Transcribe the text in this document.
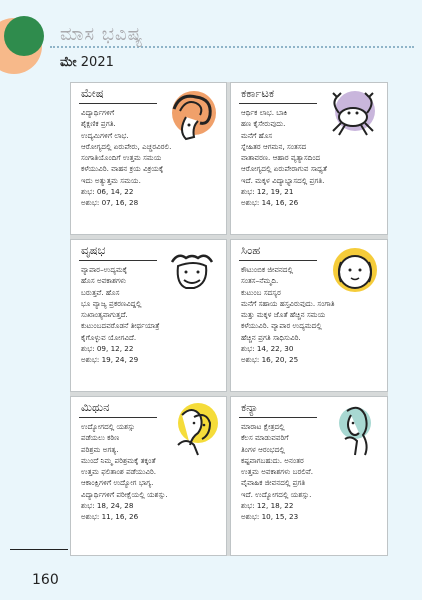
ಮಾಸ ಭವಿಷ್ಯ
ಮೇ 2021
ಮೇಷ
ವಿದ್ಯಾರ್ಥಿಗಳಿಗೆ
ಶೈಕ್ಷಣಿಕ ಪ್ರಗತಿ.
ಉದ್ಯಮಿಗಳಿಗೆ ಲಾಭ.
ಆರೋಗ್ಯದಲ್ಲಿ ಏರುಪೇರು, ಎಚ್ಚರವಿರಲಿ.
ಸಂಗಾತಿಯೊಂದಿಗೆ ಉತ್ತಮ ಸಮಯ
ಕಳೆಯುವಿರಿ. ವಾಹನ ಕ್ರಯ ವಿಕ್ರಯಕ್ಕೆ
ಇದು ಅತ್ಯುತ್ತಮ ಸಮಯ.
ಶುಭ: 06, 14, 22
ಅಶುಭ: 07, 16, 28
ಕರ್ಕಾಟಕ
ಆರ್ಥಿಕ ಲಾಭ. ಬಾಕಿ
ಹಣ ಕೈಸೇರುವುದು.
ಮನೆಗೆ ಹೊಸ
ಸ್ನೇಹಿತರ ಆಗಮನ, ಸಂತಸದ
ವಾತಾವರಣ. ಆಹಾರ ವ್ಯತ್ಯಾಸದಿಂದ
ಆರೋಗ್ಯದಲ್ಲಿ ಏರುಪೇರಾಗುವ ಸಾಧ್ಯತೆ
ಇದೆ. ಮಕ್ಕಳ ವಿದ್ಯಾಭ್ಯಾಸದಲ್ಲಿ ಪ್ರಗತಿ.
ಶುಭ: 12, 19, 21
ಅಶುಭ: 14, 16, 26
ವೃಷಭ
ವ್ಯಾಪಾರ–ಉದ್ಯಮಕ್ಕೆ
ಹೊಸ ಅವಕಾಶಗಳು
ಬರುತ್ತವೆ. ಹೊಸ
ಭೂ ವ್ಯಾಜ್ಯ ಪ್ರಕರಣವಿದ್ದಲ್ಲಿ
ಸುಖಾಂತ್ಯವಾಗುತ್ತದೆ.
ಕುಟುಂಬದವರೊಡನೆ ತೀರ್ಥಯಾತ್ರೆ
ಕೈಗೊಳ್ಳುವ ಯೋಗವಿದೆ.
ಶುಭ: 09, 12, 22
ಅಶುಭ: 19, 24, 29
ಸಿಂಹ
ಕೌಟುಂಬಿಕ ಜೀವನದಲ್ಲಿ
ಸಂತಸ–ನೆಮ್ಮದಿ.
ಕುಟುಂಬ ಸದಸ್ಯರ
ಮನೆಗೆ ಸಹಾಯ ಹಸ್ತವಿರುವುದು. ಸಂಗಾತಿ
ಮತ್ತು ಮಕ್ಕಳ ಜೊತೆ ಹೆಚ್ಚಿನ ಸಮಯ
ಕಳೆಯುವಿರಿ. ವ್ಯಾಪಾರ ಉದ್ಯಮದಲ್ಲಿ
ಹೆಚ್ಚಿನ ಪ್ರಗತಿ ಸಾಧಿಸುವಿರಿ.
ಶುಭ: 14, 22, 30
ಅಶುಭ: 16, 20, 25
ಮಿಥುನ
ಉದ್ಯೋಗದಲ್ಲಿ ಯಶಸ್ಸು
ಪಡೆಯಲು ಕಠಿಣ
ಪರಿಶ್ರಮ ಅಗತ್ಯ.
ಮುಂದೆ ನಿಮ್ಮ ಪರಿಶ್ರಮಕ್ಕೆ ತಕ್ಕಂತೆ
ಉತ್ತಮ ಫಲಿತಾಂಶ ಪಡೆಯುವಿರಿ.
ಆಕಾಂಕ್ಷಿಗಳಿಗೆ ಉದ್ಯೋಗ ಭಾಗ್ಯ.
ವಿದ್ಯಾರ್ಥಿಗಳಿಗೆ ಪರೀಕ್ಷೆಯಲ್ಲಿ ಯಶಸ್ಸು.
ಶುಭ: 18, 24, 28
ಅಶುಭ: 11, 16, 26
ಕನ್ಯಾ
ಮಾರಾಟ ಕ್ಷೇತ್ರದಲ್ಲಿ
ಕೆಲಸ ಮಾಡುವವರಿಗೆ
ತಿಂಗಳ ಆರಂಭದಲ್ಲಿ
ಕಷ್ಟವಾಗಬಹುದು. ಅನಂತರ
ಉತ್ತಮ ಅವಕಾಶಗಳು ಬರಲಿವೆ.
ವೈವಾಹಿಕ ಜೀವನದಲ್ಲಿ ಪ್ರಗತಿ
ಇದೆ. ಉದ್ಯೋಗದಲ್ಲಿ ಯಶಸ್ಸು.
ಶುಭ: 12, 18, 22
ಅಶುಭ: 10, 15, 23
160
